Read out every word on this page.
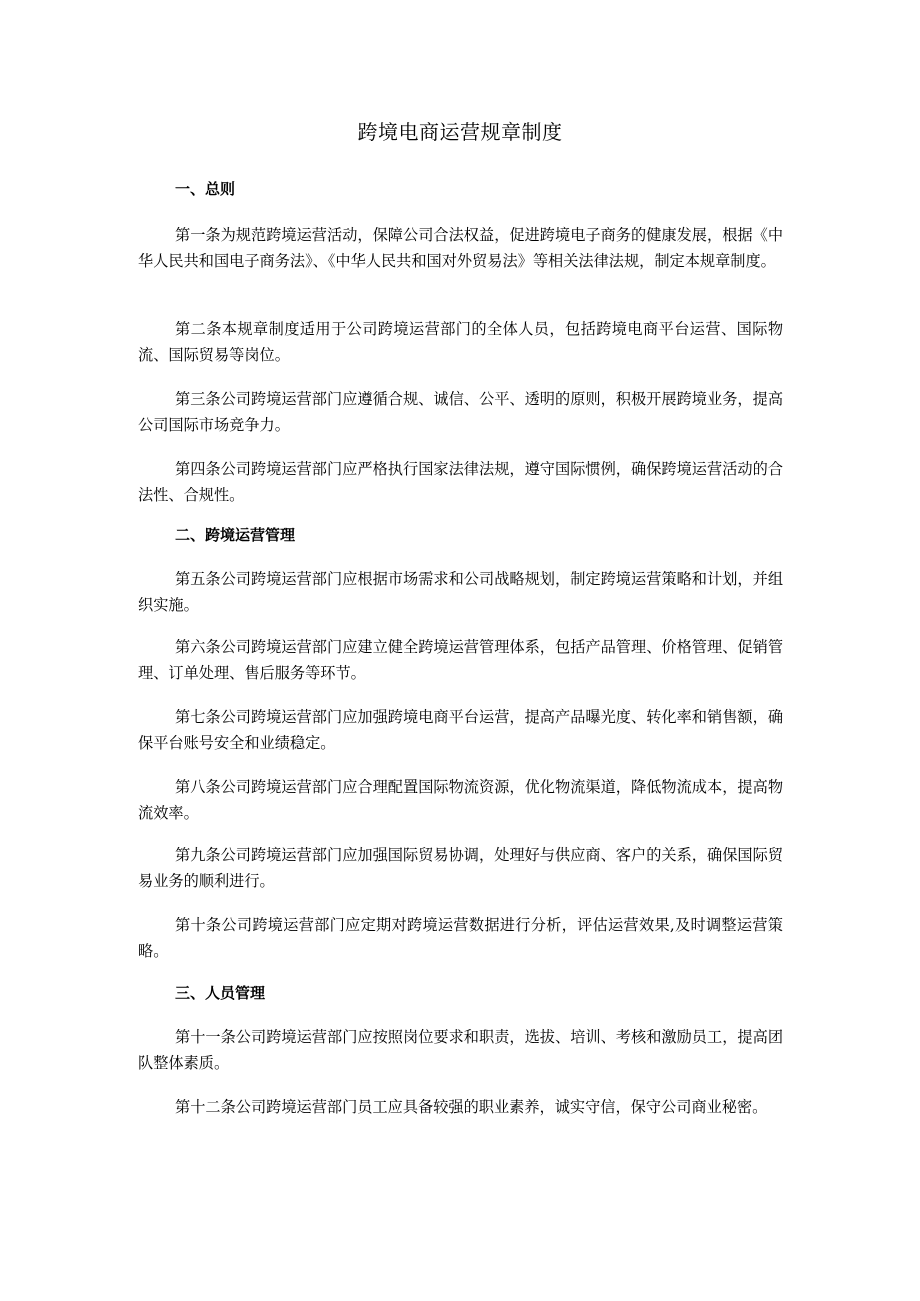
跨境电商运营规章制度
一、总则

第一条为规范跨境运营活动，保障公司合法权益，促进跨境电子商务的健康发展，根据《中华人民共和国电子商务法》、《中华人民共和国对外贸易法》等相关法律法规，制定本规章制度。

第二条本规章制度适用于公司跨境运营部门的全体人员，包括跨境电商平台运营、国际物流、国际贸易等岗位。

第三条公司跨境运营部门应遵循合规、诚信、公平、透明的原则，积极开展跨境业务，提高公司国际市场竞争力。

第四条公司跨境运营部门应严格执行国家法律法规，遵守国际惯例，确保跨境运营活动的合法性、合规性。

二、跨境运营管理

第五条公司跨境运营部门应根据市场需求和公司战略规划，制定跨境运营策略和计划，并组织实施。

第六条公司跨境运营部门应建立健全跨境运营管理体系，包括产品管理、价格管理、促销管理、订单处理、售后服务等环节。

第七条公司跨境运营部门应加强跨境电商平台运营，提高产品曝光度、转化率和销售额，确保平台账号安全和业绩稳定。

第八条公司跨境运营部门应合理配置国际物流资源，优化物流渠道，降低物流成本，提高物流效率。

第九条公司跨境运营部门应加强国际贸易协调，处理好与供应商、客户的关系，确保国际贸易业务的顺利进行。

第十条公司跨境运营部门应定期对跨境运营数据进行分析，评估运营效果,及时调整运营策略。

三、人员管理

第十一条公司跨境运营部门应按照岗位要求和职责，选拔、培训、考核和激励员工，提高团队整体素质。

第十二条公司跨境运营部门员工应具备较强的职业素养，诚实守信，保守公司商业秘密。
